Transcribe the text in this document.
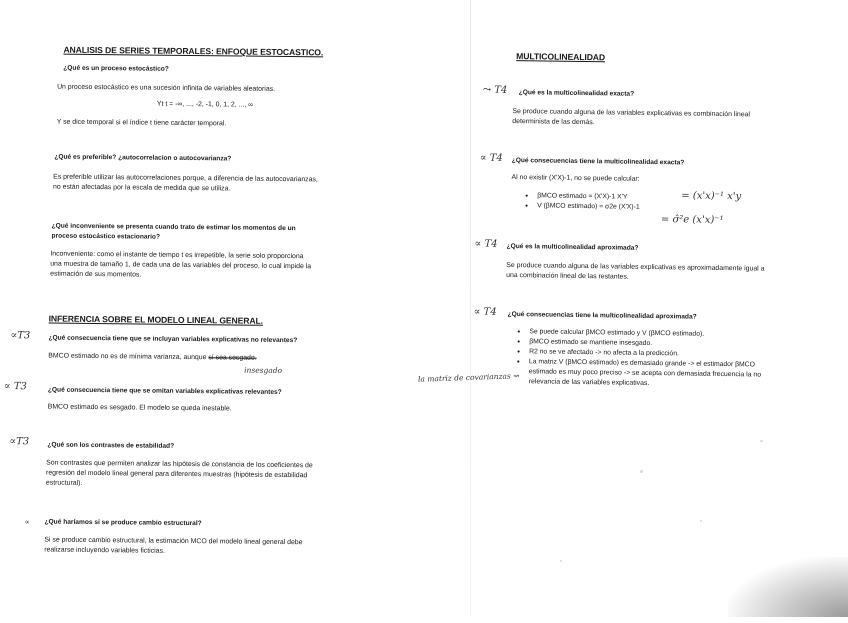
ANALISIS DE SERIES TEMPORALES: ENFOQUE ESTOCASTICO.
¿Qué es un proceso estocástico?
Un proceso estocástico es una sucesión infinita de variables aleatorias.
Yt t = -∞, ..., -2, -1, 0, 1, 2, ..., ∞
Y se dice temporal si el índice t tiene carácter temporal.
¿Qué es preferible? ¿autocorrelacion o autocovarianza?
Es preferible utilizar las autocorrelaciones porque, a diferencia de las autocovarianzas,
no están afectadas por la escala de medida que se utiliza.
¿Qué inconveniente se presenta cuando trato de estimar los momentos de un
proceso estocástico estacionario?
Inconveniente: como el instante de tiempo t es irrepetible, la serie solo proporciona
una muestra de tamaño 1, de cada una de las variables del proceso, lo cual impide la
estimación de sus momentos.
INFERENCIA SOBRE EL MODELO LINEAL GENERAL.
∝T3	¿Qué consecuencia tiene que se incluyan variables explicativas no relevantes?
BMCO estimado no es de mínima varianza, aunque sí sea sesgado.
insesgado
∝ T3	¿Qué consecuencia tiene que se omitan variables explicativas relevantes?
BMCO estimado es sesgado. El modelo se queda inestable.
∝T3	¿Qué son los contrastes de estabilidad?
Son contrastes que permiten analizar las hipótesis de constancia de los coeficientes de
regresión del modelo lineal general para diferentes muestras (hipótesis de estabilidad
estructural).
∝ ¿Qué haríamos si se produce cambio estructural?
Si se produce cambio estructural, la estimación MCO del modelo lineal general debe
realizarse incluyendo variables ficticias.
MULTICOLINEALIDAD
⤳ T4 ¿Qué es la multicolinealidad exacta?
Se produce cuando alguna de las variables explicativas es combinación lineal
determinista de las demás.
∝ T4 ¿Qué consecuencias tiene la multicolinealidad exacta?
Al no existir (X'X)-1, no se puede calcular:
• βMCO estimado = (X'X)-1 X'Y
• V (βMCO estimado) = σ2e (X'X)-1
= (x'x)⁻¹ x'y
= σ̂²e (x'x)⁻¹
∝ T4 ¿Qué es la multicolinealidad aproximada?
Se produce cuando alguna de las variables explicativas es aproximadamente igual a
una combinación lineal de las restantes.
∝ T4 ¿Qué consecuencias tiene la multicolinealidad aproximada?
• Se puede calcular βMCO estimado y V (βMCO estimado).
• βMCO estimado se mantiene insesgado.
• R2 no se ve afectado -> no afecta a la predicción.
• La matriz V (βMCO estimado) es demasiado grande -> el estimador βMCO
estimado es muy poco preciso -> se acepta con demasiada frecuencia la no
relevancia de las variables explicativas.
la matriz de covarianzas ⇝
